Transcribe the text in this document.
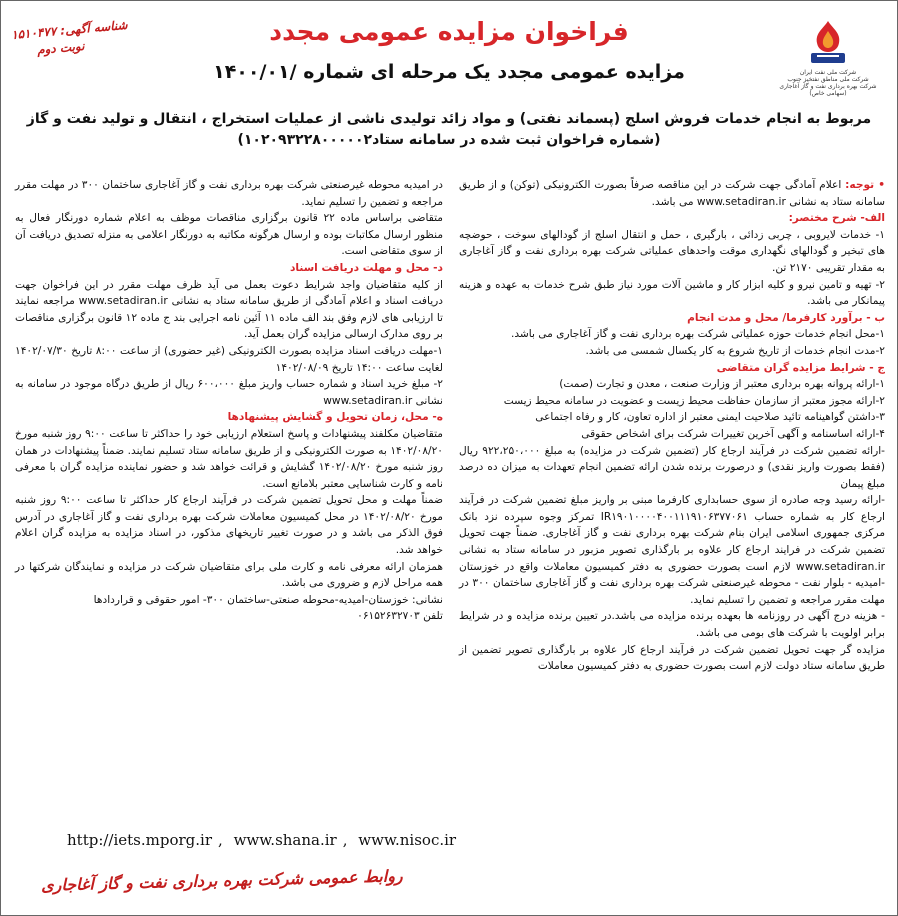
شرکت ملی نفت ایران
شرکت ملی مناطق نفتخیز جنوب
شرکت بهره برداری نفت و گاز آغاجاری (سهامی خاص)
شناسه آگهی: ۱۵۱۰۴۷۷
نوبت دوم
فراخوان مزایده عمومی مجدد
مزایده عمومی مجدد یک مرحله ای شماره /۱۴۰۰/۰۱
مربوط به انجام خدمات فروش اسلج (پسماند نفتی) و مواد زائد تولیدی ناشی از عملیات استخراج ، انتقال و تولید نفت و گاز
(شماره فراخوان ثبت شده در سامانه ستاد۱۰۲۰۹۳۲۲۸۰۰۰۰۰۲)

• توجه: اعلام آمادگی جهت شرکت در این مناقصه صرفاً بصورت الکترونیکی (توکن) و از طریق سامانه ستاد به نشانی www.setadiran.ir می باشد.

الف- شرح مختصر:

۱- خدمات لایروبی ، چربی زدائی ، بارگیری ، حمل و انتقال اسلج از گودالهای سوخت ، حوضچه های تبخیر و گودالهای نگهداری موقت واحدهای عملیاتی شرکت بهره برداری نفت و گاز آغاجاری به مقدار تقریبی ۲۱۷۰ تن.

۲- تهیه و تامین نیرو و کلیه ابزار کار و ماشین آلات مورد نیاز طبق شرح خدمات به عهده و هزینه پیمانکار می باشد.

ب - برآورد کارفرما/ محل و مدت انجام

۱-محل انجام خدمات حوزه عملیاتی شرکت بهره برداری نفت و گاز آغاجاری می باشد.

۲-مدت انجام خدمات از تاریخ شروع به کار یکسال شمسی می باشد.

ج - شرایط مزایده گران متقاضی

۱-ارائه پروانه بهره برداری معتبر از وزارت صنعت ، معدن و تجارت (صمت)

۲-ارائه مجوز معتبر از سازمان حفاظت محیط زیست و عضویت در سامانه محیط زیست

۳-داشتن گواهینامه تائید صلاحیت ایمنی معتبر از اداره تعاون، کار و رفاه اجتماعی

۴-ارائه اساسنامه و آگهی آخرین تغییرات شرکت برای اشخاص حقوقی

-ارائه تضمین شرکت در فرآیند ارجاع کار (تضمین شرکت در مزایده) به مبلغ ۹۲۲،۲۵۰،۰۰۰ ریال (فقط بصورت واریز نقدی) و درصورت برنده شدن ارائه تضمین انجام تعهدات به میزان ده درصد مبلغ پیمان

-ارائه رسید وجه صادره از سوی حسابداری کارفرما مبنی بر واریز مبلغ تضمین شرکت در فرآیند ارجاع کار به شماره حساب IR۱۹۰۱۰۰۰۰۴۰۰۱۱۱۹۱۰۶۳۷۷۰۶۱ تمرکز وجوه سپرده نزد بانک مرکزی جمهوری اسلامی ایران بنام شرکت بهره برداری نفت و گاز آغاجاری. ضمناً جهت تحویل تضمین شرکت در فرایند ارجاع کار علاوه بر بارگذاری تصویر مزبور در سامانه ستاد به نشانی www.setadiran.ir لازم است بصورت حضوری به دفتر کمیسیون معاملات واقع در خوزستان -امیدیه - بلوار نفت - محوطه غیرصنعتی شرکت بهره برداری نفت و گاز آغاجاری ساختمان ۳۰۰ در مهلت مقرر مراجعه و تضمین را تسلیم نماید.

- هزینه درج آگهی در روزنامه ها بعهده برنده مزایده می باشد.در تعیین برنده مزایده و در شرایط برابر اولویت با شرکت های بومی می باشد.

مزایده گر جهت تحویل تضمین شرکت در فرآیند ارجاع کار علاوه بر بارگذاری تصویر تضمین از طریق سامانه ستاد دولت لازم است بصورت حضوری به دفتر کمیسیون معاملات

در امیدیه محوطه غیرصنعتی شرکت بهره برداری نفت و گاز آغاجاری ساختمان ۳۰۰ در مهلت مقرر مراجعه و تضمین را تسلیم نماید.

متقاضی براساس ماده ۲۲ قانون برگزاری مناقصات موظف به اعلام شماره دورنگار فعال به منظور ارسال مکاتبات بوده و ارسال هرگونه مکاتبه به دورنگار اعلامی به منزله تصدیق دریافت آن از سوی متقاضی است.

د- محل و مهلت دریافت اسناد

از کلیه متقاضیان واجد شرایط دعوت بعمل می آید ظرف مهلت مقرر در این فراخوان جهت دریافت اسناد و اعلام آمادگی از طریق سامانه ستاد به نشانی www.setadiran.ir مراجعه نمایند تا ارزیابی های لازم وفق بند الف ماده ۱۱ آئین نامه اجرایی بند ج ماده ۱۲ قانون برگزاری مناقصات بر روی مدارک ارسالی مزایده گران بعمل آید.

۱-مهلت دریافت اسناد مزایده بصورت الکترونیکی (غیر حضوری) از ساعت ۸:۰۰ تاریخ ۱۴۰۲/۰۷/۳۰ لغایت ساعت ۱۴:۰۰ تاریخ ۱۴۰۲/۰۸/۰۹

۲- مبلغ خرید اسناد و شماره حساب واریز مبلغ ۶۰۰،۰۰۰ ریال از طریق درگاه موجود در سامانه به نشانی www.setadiran.ir

ه- محل، زمان تحویل و گشایش پیشنهادها

متقاضیان مکلفند پیشنهادات و پاسخ استعلام ارزیابی خود را حداکثر تا ساعت ۹:۰۰ روز شنبه مورخ ۱۴۰۲/۰۸/۲۰ به صورت الکترونیکی و از طریق سامانه ستاد تسلیم نمایند. ضمناً پیشنهادات در همان روز شنبه مورخ ۱۴۰۲/۰۸/۲۰ گشایش و قرائت خواهد شد و حضور نماینده مزایده گران با معرفی نامه و کارت شناسایی معتبر بلامانع است.

ضمناً مهلت و محل تحویل تضمین شرکت در فرآیند ارجاع کار حداکثر تا ساعت ۹:۰۰ روز شنبه مورخ ۱۴۰۲/۰۸/۲۰ در محل کمیسیون معاملات شرکت بهره برداری نفت و گاز آغاجاری در آدرس فوق الذکر می باشد و در صورت تغییر تاریخهای مذکور، در اسناد مزایده به مزایده گران اعلام خواهد شد.

همزمان ارائه معرفی نامه و کارت ملی برای متقاضیان شرکت در مزایده و نمایندگان شرکتها در همه مراحل لازم و ضروری می باشد.

نشانی: خوزستان-امیدیه-محوطه صنعتی-ساختمان ۳۰۰- امور حقوقی و قراردادها

تلفن ۰۶۱۵۲۶۳۲۷۰۳

http://iets.mporg.ir , www.shana.ir , www.nisoc.ir
روابط عمومی شرکت بهره برداری نفت و گاز آغاجاری
